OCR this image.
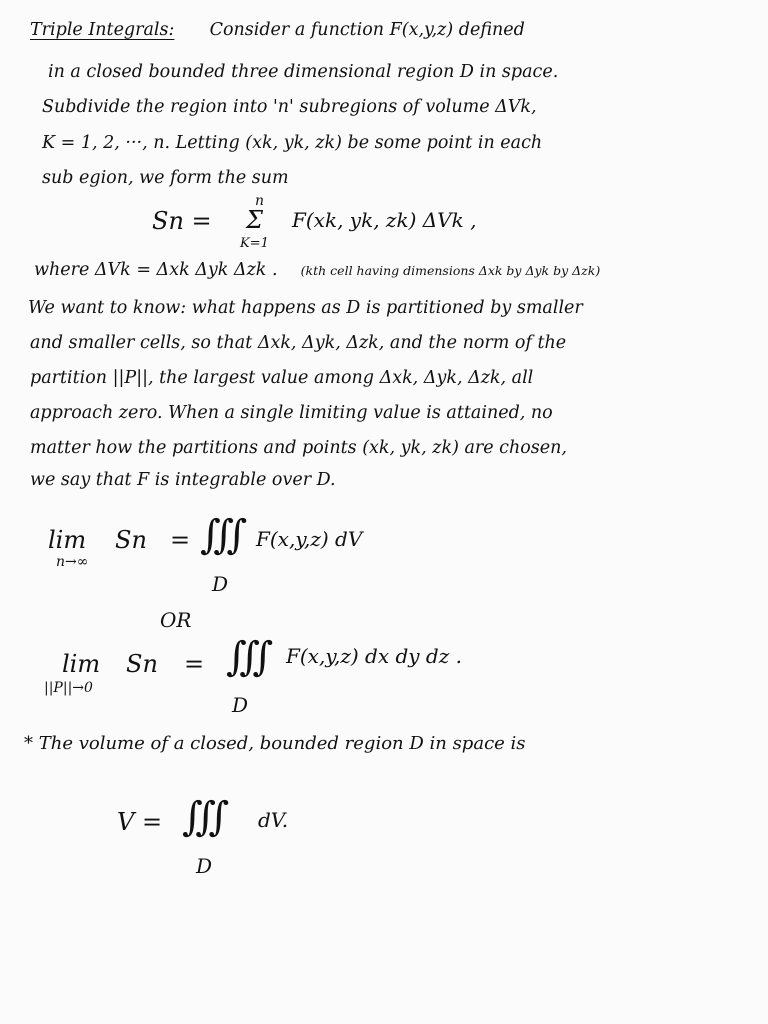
Triple Integrals: Consider a function F(x,y,z) defined
in a closed bounded three dimensional region D in space.
Subdivide the region into 'n' subregions of volume ΔVk,
K = 1, 2, ···, n. Letting (xk, yk, zk) be some point in each
sub egion, we form the sum
Sn =
n
Σ
K=1
F(xk, yk, zk) ΔVk ,
where ΔVk = Δxk Δyk Δzk . (kth cell having dimensions Δxk by Δyk by Δzk)
We want to know: what happens as D is partitioned by smaller
and smaller cells, so that Δxk, Δyk, Δzk, and the norm of the
partition ||P||, the largest value among Δxk, Δyk, Δzk, all
approach zero. When a single limiting value is attained, no
matter how the partitions and points (xk, yk, zk) are chosen,
we say that F is integrable over D.
lim
n→∞
Sn = ∭ F(x,y,z) dV
D
OR
lim
||P||→0
Sn = ∭ F(x,y,z) dx dy dz .
D
* The volume of a closed, bounded region D in space is
V = ∭ dV.
D
